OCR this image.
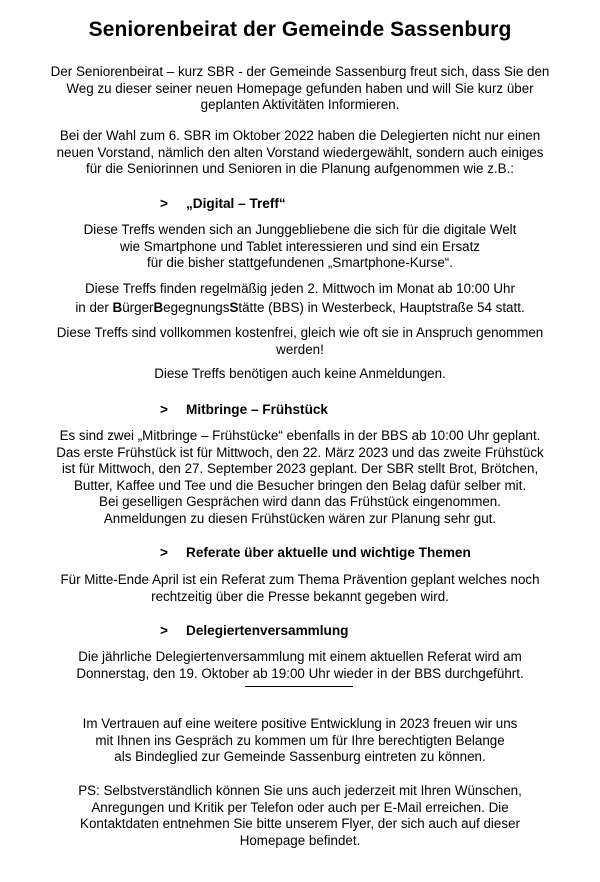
Seniorenbeirat der Gemeinde Sassenburg
Der Seniorenbeirat – kurz SBR - der Gemeinde Sassenburg freut sich, dass Sie den
Weg zu dieser seiner neuen Homepage gefunden haben und will Sie kurz über
geplanten Aktivitäten Informieren.
Bei der Wahl zum 6. SBR im Oktober 2022 haben die Delegierten nicht nur einen
neuen Vorstand, nämlich den alten Vorstand wiedergewählt, sondern auch einiges
für die Seniorinnen und Senioren in die Planung aufgenommen wie z.B.:
> „Digital – Treff“
Diese Treffs wenden sich an Junggebliebene die sich für die digitale Welt
wie Smartphone und Tablet interessieren und sind ein Ersatz
für die bisher stattgefundenen „Smartphone-Kurse“.
Diese Treffs finden regelmäßig jeden 2. Mittwoch im Monat ab 10:00 Uhr
in der BürgerBegegnungsStätte (BBS) in Westerbeck, Hauptstraße 54 statt.
Diese Treffs sind vollkommen kostenfrei, gleich wie oft sie in Anspruch genommen
werden!
Diese Treffs benötigen auch keine Anmeldungen.
> Mitbringe – Frühstück
Es sind zwei „Mitbringe – Frühstücke“ ebenfalls in der BBS ab 10:00 Uhr geplant.
Das erste Frühstück ist für Mittwoch, den 22. März 2023 und das zweite Frühstück
ist für Mittwoch, den 27. September 2023 geplant. Der SBR stellt Brot, Brötchen,
Butter, Kaffee und Tee und die Besucher bringen den Belag dafür selber mit.
Bei geselligen Gesprächen wird dann das Frühstück eingenommen.
Anmeldungen zu diesen Frühstücken wären zur Planung sehr gut.
> Referate über aktuelle und wichtige Themen
Für Mitte-Ende April ist ein Referat zum Thema Prävention geplant welches noch
rechtzeitig über die Presse bekannt gegeben wird.
> Delegiertenversammlung
Die jährliche Delegiertenversammlung mit einem aktuellen Referat wird am
Donnerstag, den 19. Oktober ab 19:00 Uhr wieder in der BBS durchgeführt.
Im Vertrauen auf eine weitere positive Entwicklung in 2023 freuen wir uns
mit Ihnen ins Gespräch zu kommen um für Ihre berechtigten Belange
als Bindeglied zur Gemeinde Sassenburg eintreten zu können.
PS: Selbstverständlich können Sie uns auch jederzeit mit Ihren Wünschen,
Anregungen und Kritik per Telefon oder auch per E-Mail erreichen. Die
Kontaktdaten entnehmen Sie bitte unserem Flyer, der sich auch auf dieser
Homepage befindet.
